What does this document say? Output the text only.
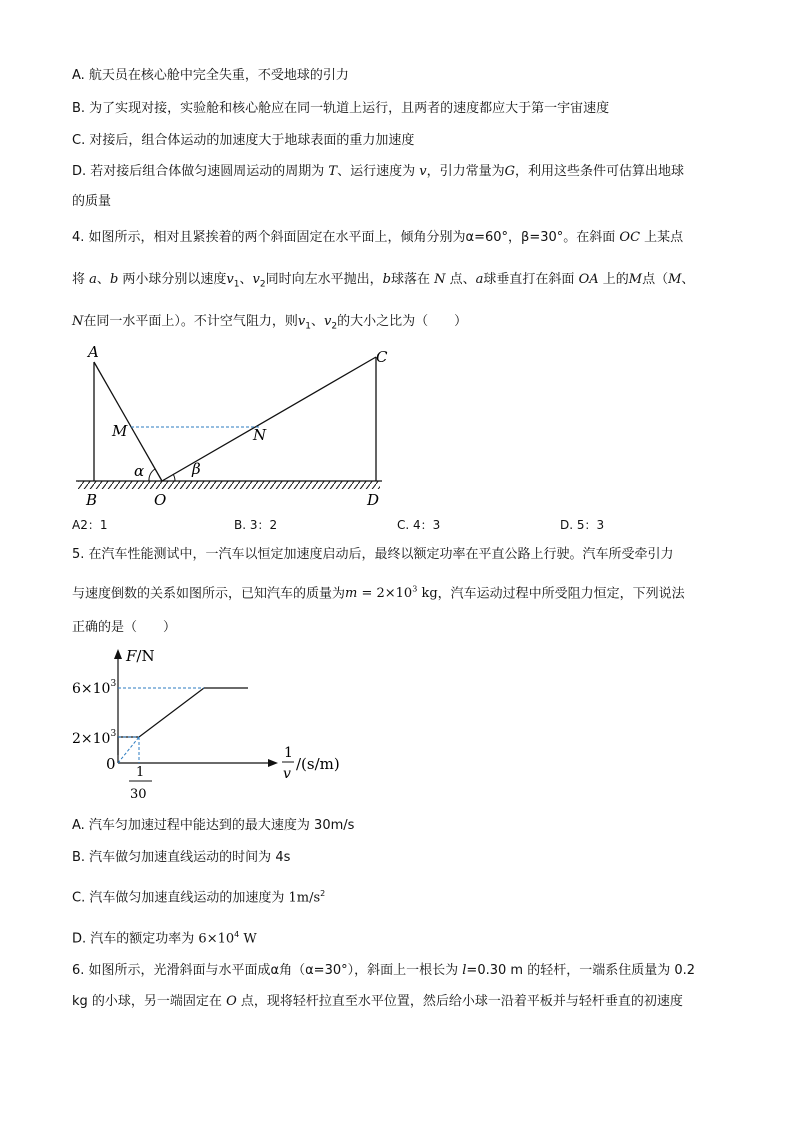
A. 航天员在核心舱中完全失重，不受地球的引力
B. 为了实现对接，实验舱和核心舱应在同一轨道上运行，且两者的速度都应大于第一宇宙速度
C. 对接后，组合体运动的加速度大于地球表面的重力加速度
D. 若对接后组合体做匀速圆周运动的周期为 T、运行速度为 v，引力常量为G，利用这些条件可估算出地球
的质量
4. 如图所示，相对且紧挨着的两个斜面固定在水平面上，倾角分别为α=60°，β=30°。在斜面 OC 上某点
将 a、b 两小球分别以速度$v_1$、$v_2$同时向左水平抛出，b球落在 N 点、a球垂直打在斜面 OA 上的M点（M、
N在同一水平面上）。不计空气阻力，则$v_1$、$v_2$的大小之比为（　　）
A	C
M	N
α	β
B	O	D
A2：1	B. 3：2	C. 4：3	D. 5：3
5. 在汽车性能测试中，一汽车以恒定加速度启动后，最终以额定功率在平直公路上行驶。汽车所受牵引力
与速度倒数的关系如图所示，已知汽车的质量为$m = 2\times 10^3$ kg，汽车运动过程中所受阻力恒定，下列说法
正确的是（　　）
F/N
$6\times 10^3$
$2\times 10^3$
0 1
30
1
v
/(s/m)
A. 汽车匀加速过程中能达到的最大速度为 30m/s
B. 汽车做匀加速直线运动的时间为 4s
C. 汽车做匀加速直线运动的加速度为 $1m/s^2$
D. 汽车的额定功率为 $6\times 10^4$ W
6. 如图所示，光滑斜面与水平面成α角（α=30°），斜面上一根长为 l=0.30 m 的轻杆，一端系住质量为 0.2
kg 的小球，另一端固定在 O 点，现将轻杆拉直至水平位置，然后给小球一沿着平板并与轻杆垂直的初速度
